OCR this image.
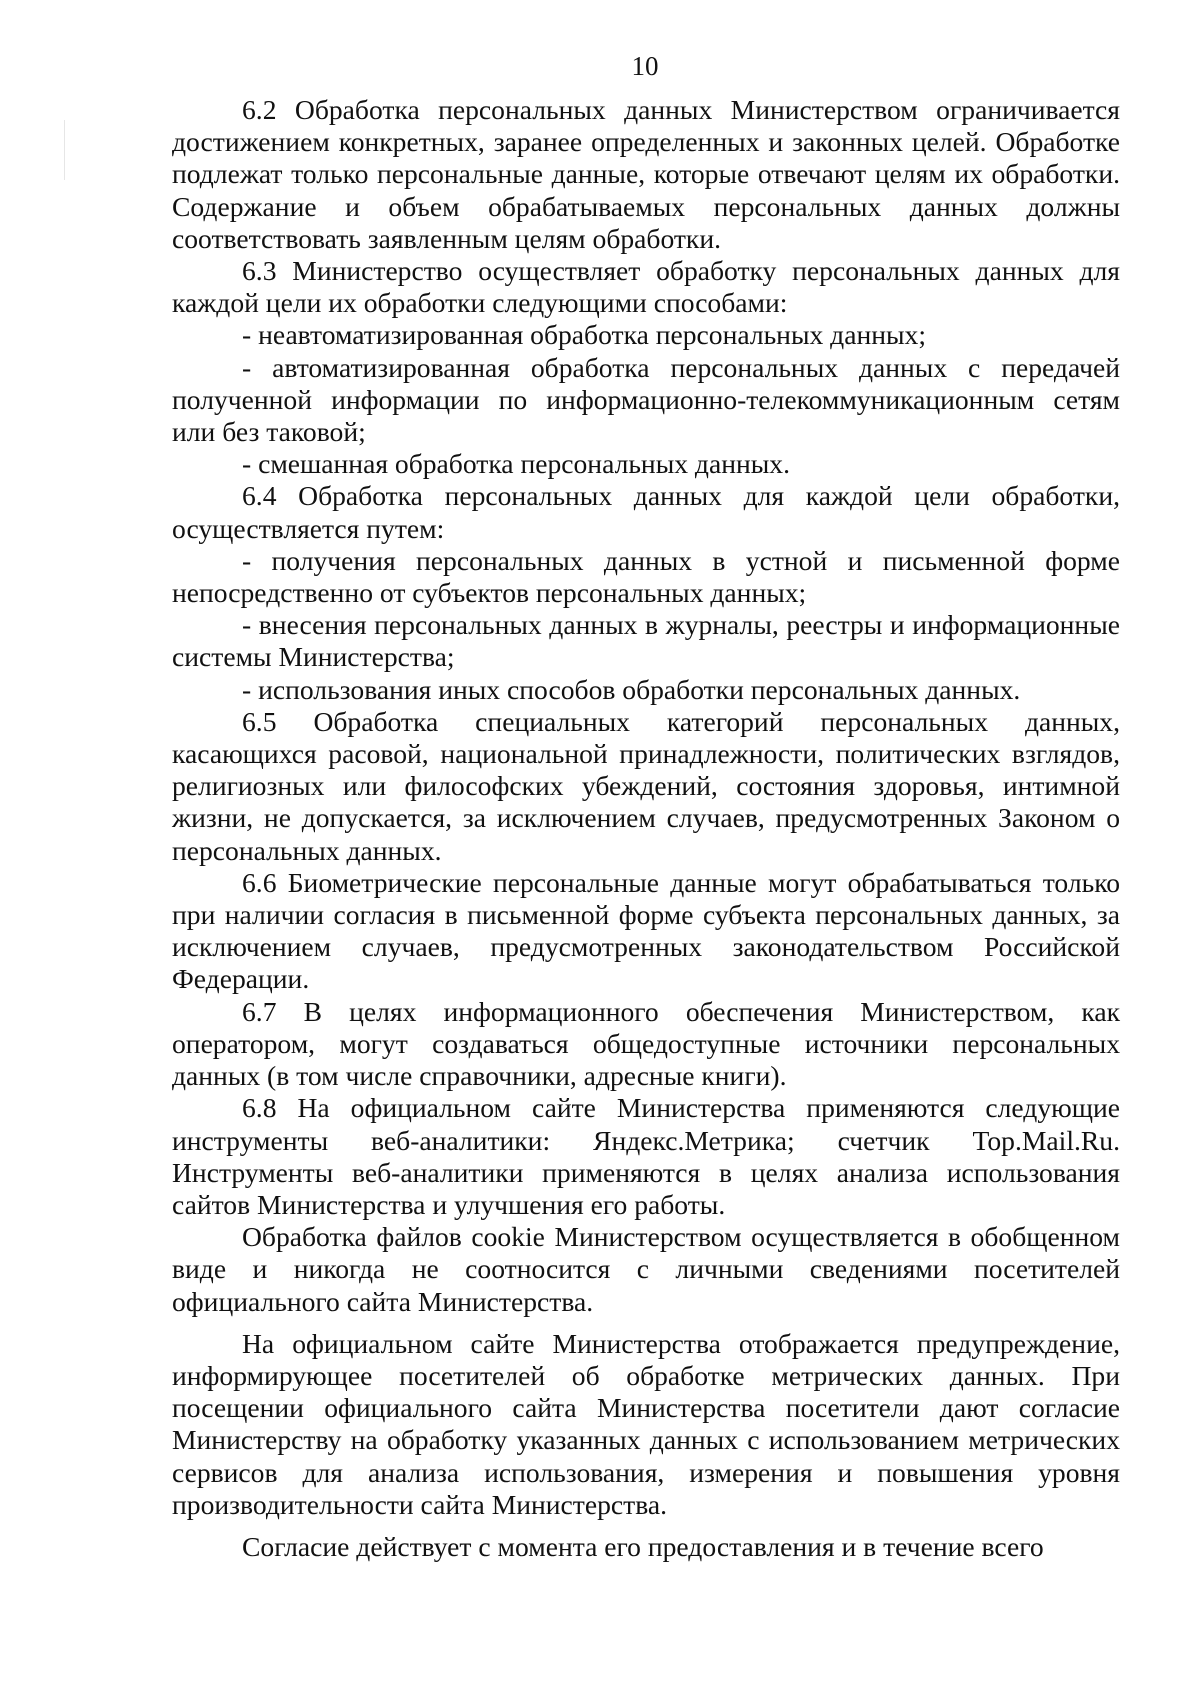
10

6.2 Обработка персональных данных Министерством ограничивается достижением конкретных, заранее определенных и законных целей. Обработке подлежат только персональные данные, которые отвечают целям их обработки. Содержание и объем обрабатываемых персональных данных должны соответствовать заявленным целям обработки.

6.3 Министерство осуществляет обработку персональных данных для каждой цели их обработки следующими способами:

- неавтоматизированная обработка персональных данных;

- автоматизированная обработка персональных данных с передачей полученной информации по информационно-телекоммуникационным сетям или без таковой;

- смешанная обработка персональных данных.

6.4 Обработка персональных данных для каждой цели обработки, осуществляется путем:

- получения персональных данных в устной и письменной форме непосредственно от субъектов персональных данных;

- внесения персональных данных в журналы, реестры и информационные системы Министерства;

- использования иных способов обработки персональных данных.

6.5 Обработка специальных категорий персональных данных, касающихся расовой, национальной принадлежности, политических взглядов, религиозных или философских убеждений, состояния здоровья, интимной жизни, не допускается, за исключением случаев, предусмотренных Законом о персональных данных.

6.6 Биометрические персональные данные могут обрабатываться только при наличии согласия в письменной форме субъекта персональных данных, за исключением случаев, предусмотренных законодательством Российской Федерации.

6.7 В целях информационного обеспечения Министерством, как оператором, могут создаваться общедоступные источники персональных данных (в том числе справочники, адресные книги).

6.8 На официальном сайте Министерства применяются следующие инструменты веб-аналитики: Яндекс.Метрика; счетчик Top.Mail.Ru. Инструменты веб-аналитики применяются в целях анализа использования сайтов Министерства и улучшения его работы.

Обработка файлов cookie Министерством осуществляется в обобщенном виде и никогда не соотносится с личными сведениями посетителей официального сайта Министерства.

На официальном сайте Министерства отображается предупреждение, информирующее посетителей об обработке метрических данных. При посещении официального сайта Министерства посетители дают согласие Министерству на обработку указанных данных с использованием метрических сервисов для анализа использования, измерения и повышения уровня производительности сайта Министерства.

Согласие действует с момента его предоставления и в течение всего
